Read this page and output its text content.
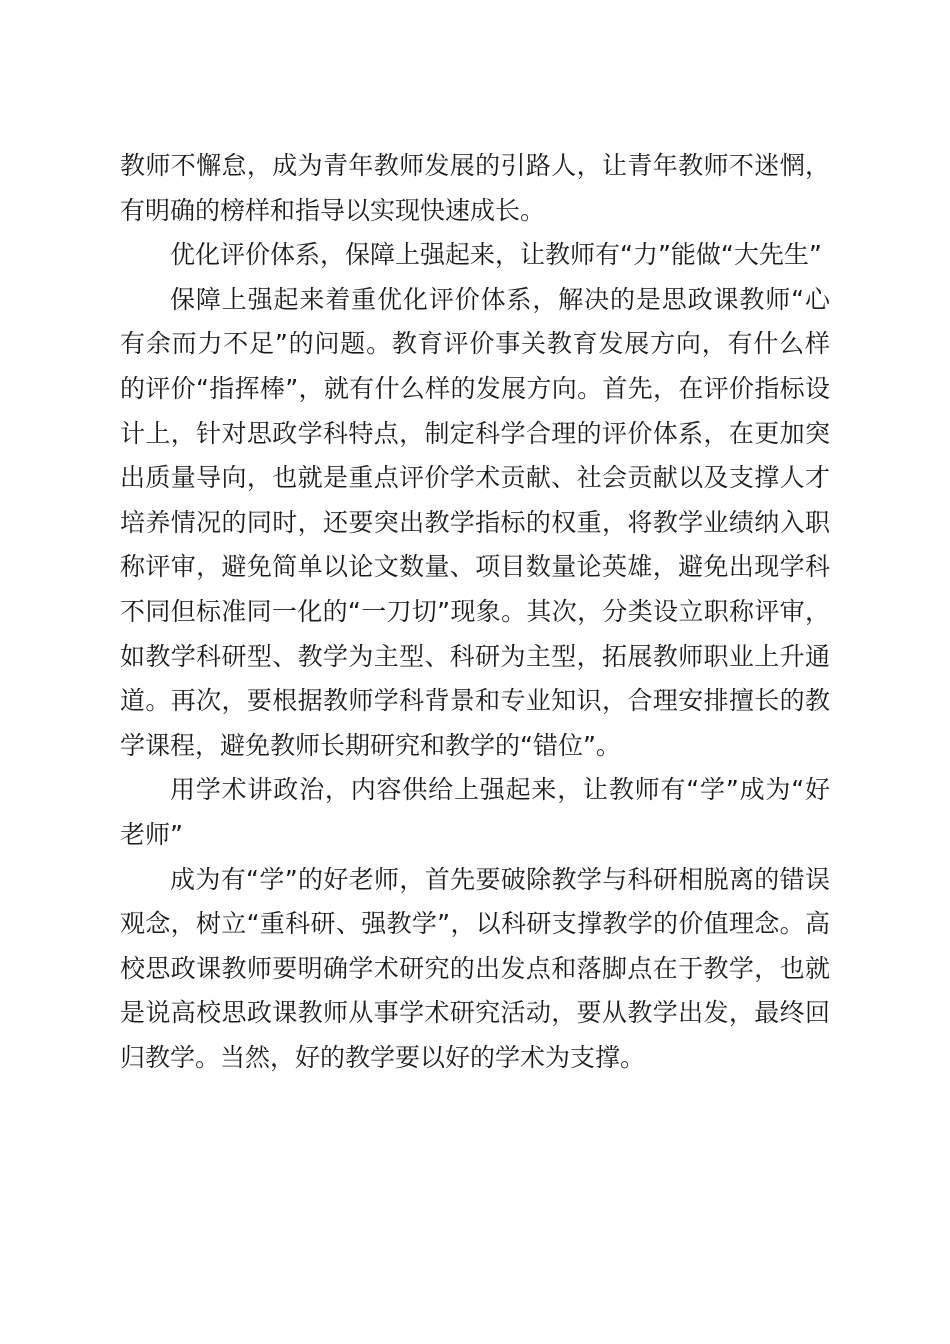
教师不懈怠，成为青年教师发展的引路人，让青年教师不迷惘，有明确的榜样和指导以实现快速成长。

优化评价体系，保障上强起来，让教师有“力”能做“大先生”

保障上强起来着重优化评价体系，解决的是思政课教师“心有余而力不足”的问题。教育评价事关教育发展方向，有什么样的评价“指挥棒”，就有什么样的发展方向。首先，在评价指标设计上，针对思政学科特点，制定科学合理的评价体系，在更加突出质量导向，也就是重点评价学术贡献、社会贡献以及支撑人才培养情况的同时，还要突出教学指标的权重，将教学业绩纳入职称评审，避免简单以论文数量、项目数量论英雄，避免出现学科不同但标准同一化的“一刀切”现象。其次，分类设立职称评审，如教学科研型、教学为主型、科研为主型，拓展教师职业上升通道。再次，要根据教师学科背景和专业知识，合理安排擅长的教学课程，避免教师长期研究和教学的“错位”。

用学术讲政治，内容供给上强起来，让教师有“学”成为“好老师”

成为有“学”的好老师，首先要破除教学与科研相脱离的错误观念，树立“重科研、强教学”，以科研支撑教学的价值理念。高校思政课教师要明确学术研究的出发点和落脚点在于教学，也就是说高校思政课教师从事学术研究活动，要从教学出发，最终回归教学。当然，好的教学要以好的学术为支撑。
